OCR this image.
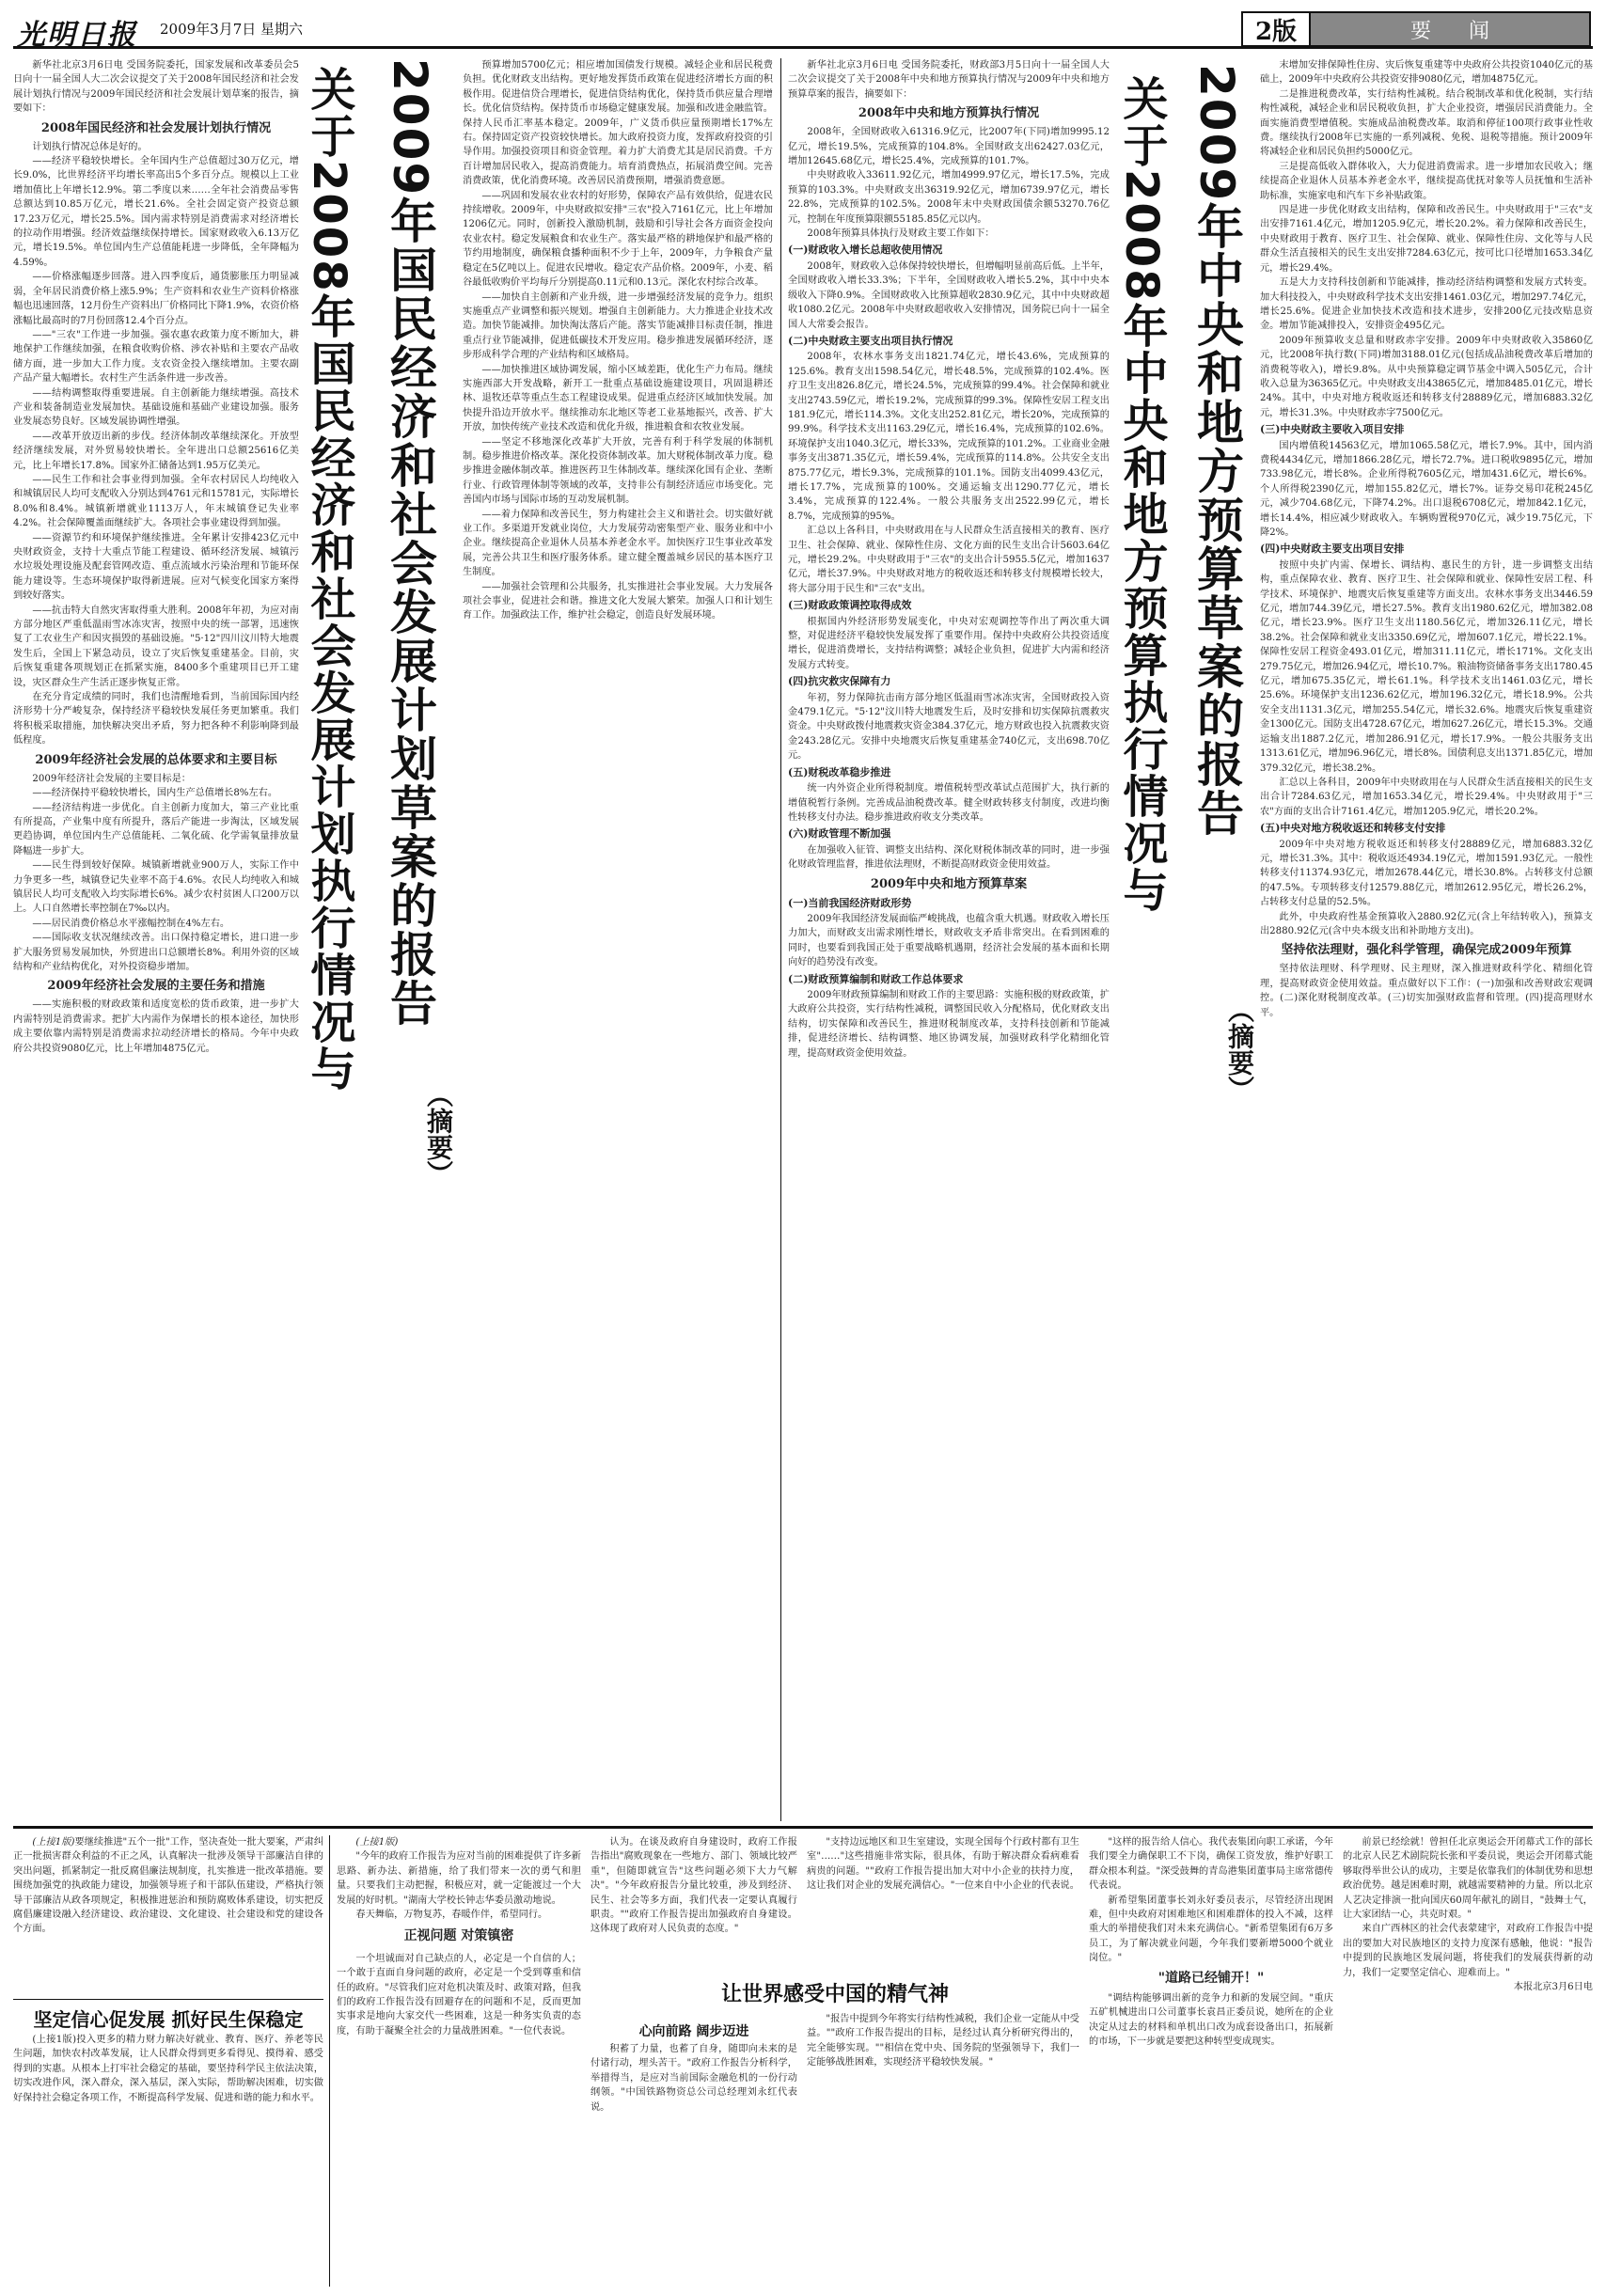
光明日报 2009年3月7日 星期六	2版	要闻

新华社北京3月6日电 受国务院委托，国家发展和改革委员会5日向十一届全国人大二次会议提交了关于2008年国民经济和社会发展计划执行情况与2009年国民经济和社会发展计划草案的报告，摘要如下：

2008年国民经济和社会发展计划执行情况

计划执行情况总体是好的。

——经济平稳较快增长。全年国内生产总值超过30万亿元，增长9.0%，比世界经济平均增长率高出5个多百分点。规模以上工业增加值比上年增长12.9%。第二季度以来……全年社会消费品零售总额达到10.85万亿元，增长21.6%。全社会固定资产投资总额17.23万亿元，增长25.5%。国内需求特别是消费需求对经济增长的拉动作用增强。经济效益继续保持增长。国家财政收入6.13万亿元，增长19.5%。单位国内生产总值能耗进一步降低，全年降幅为4.59%。

——价格涨幅逐步回落。进入四季度后，通货膨胀压力明显减弱，全年居民消费价格上涨5.9%；生产资料和农业生产资料价格涨幅也迅速回落，12月份生产资料出厂价格同比下降1.9%，农资价格涨幅比最高时的7月份回落12.4个百分点。

——"三农"工作进一步加强。强农惠农政策力度不断加大，耕地保护工作继续加强，在粮食收购价格、涉农补贴和主要农产品收储方面，进一步加大工作力度。支农资金投入继续增加。主要农副产品产量大幅增长。农村生产生活条件进一步改善。

——结构调整取得重要进展。自主创新能力继续增强。高技术产业和装备制造业发展加快。基础设施和基础产业建设加强。服务业发展态势良好。区域发展协调性增强。

——改革开放迈出新的步伐。经济体制改革继续深化。开放型经济继续发展，对外贸易较快增长。全年进出口总额25616亿美元，比上年增长17.8%。国家外汇储备达到1.95万亿美元。

——民生工作和社会事业得到加强。全年农村居民人均纯收入和城镇居民人均可支配收入分别达到4761元和15781元，实际增长8.0%和8.4%。城镇新增就业1113万人，年末城镇登记失业率4.2%。社会保障覆盖面继续扩大。各项社会事业建设得到加强。

——资源节约和环境保护继续推进。全年累计安排423亿元中央财政资金，支持十大重点节能工程建设、循环经济发展、城镇污水垃圾处理设施及配套管网改造、重点流域水污染治理和节能环保能力建设等。生态环境保护取得新进展。应对气候变化国家方案得到较好落实。

——抗击特大自然灾害取得重大胜利。2008年年初，为应对南方部分地区严重低温雨雪冰冻灾害，按照中央的统一部署，迅速恢复了工农业生产和因灾损毁的基础设施。"5·12"四川汶川特大地震发生后，全国上下紧急动员，设立了灾后恢复重建基金。目前，灾后恢复重建各项规划正在抓紧实施，8400多个重建项目已开工建设，灾区群众生产生活正逐步恢复正常。

在充分肯定成绩的同时，我们也清醒地看到，当前国际国内经济形势十分严峻复杂，保持经济平稳较快发展任务更加繁重。我们将积极采取措施，加快解决突出矛盾，努力把各种不利影响降到最低程度。

2009年经济社会发展的总体要求和主要目标

2009年经济社会发展的主要目标是：

——经济保持平稳较快增长，国内生产总值增长8%左右。

——经济结构进一步优化。自主创新力度加大，第三产业比重有所提高，产业集中度有所提升，落后产能进一步淘汰，区域发展更趋协调，单位国内生产总值能耗、二氧化硫、化学需氧量排放量降幅进一步扩大。

——民生得到较好保障。城镇新增就业900万人，实际工作中力争更多一些，城镇登记失业率不高于4.6%。农民人均纯收入和城镇居民人均可支配收入均实际增长6%。减少农村贫困人口200万以上。人口自然增长率控制在7‰以内。

——居民消费价格总水平涨幅控制在4%左右。

——国际收支状况继续改善。出口保持稳定增长，进口进一步扩大服务贸易发展加快，外贸进出口总额增长8%。利用外资的区域结构和产业结构优化，对外投资稳步增加。

2009年经济社会发展的主要任务和措施

——实施积极的财政政策和适度宽松的货币政策，进一步扩大内需特别是消费需求。把扩大内需作为保增长的根本途径，加快形成主要依靠内需特别是消费需求拉动经济增长的格局。今年中央政府公共投资9080亿元，比上年增加4875亿元。	关于2008年国民经济和社会发展计划执行情况与 2009年国民经济和社会发展计划草案的报告
（摘要）

预算增加5700亿元；相应增加国债发行规模。减轻企业和居民税费负担。优化财政支出结构。更好地发挥货币政策在促进经济增长方面的积极作用。促进信贷合理增长，促进信贷结构优化，保持货币供应量合理增长。优化信贷结构。保持货币市场稳定健康发展。加强和改进金融监管。保持人民币汇率基本稳定。2009年，广义货币供应量预期增长17%左右。保持固定资产投资较快增长。加大政府投资力度，发挥政府投资的引导作用。加强投资项目和资金管理。着力扩大消费尤其是居民消费。千方百计增加居民收入，提高消费能力。培育消费热点，拓展消费空间。完善消费政策，优化消费环境。改善居民消费预期，增强消费意愿。

——巩固和发展农业农村的好形势，保障农产品有效供给，促进农民持续增收。2009年，中央财政拟安排"三农"投入7161亿元，比上年增加1206亿元。同时，创新投入激励机制，鼓励和引导社会各方面资金投向农业农村。稳定发展粮食和农业生产。落实最严格的耕地保护和最严格的节约用地制度，确保粮食播种面积不少于上年，2009年，力争粮食产量稳定在5亿吨以上。促进农民增收。稳定农产品价格。2009年，小麦、稻谷最低收购价平均每斤分别提高0.11元和0.13元。深化农村综合改革。

——加快自主创新和产业升级，进一步增强经济发展的竞争力。组织实施重点产业调整和振兴规划。增强自主创新能力。大力推进企业技术改造。加快节能减排。加快淘汰落后产能。落实节能减排目标责任制，推进重点行业节能减排，促进低碳技术开发应用。稳步推进发展循环经济，逐步形成科学合理的产业结构和区域格局。

——加快推进区域协调发展，缩小区域差距，优化生产力布局。继续实施西部大开发战略，新开工一批重点基础设施建设项目，巩固退耕还林、退牧还草等重点生态工程建设成果。促进重点经济区域加快发展。加快提升沿边开放水平。继续推动东北地区等老工业基地振兴，改善、扩大开放，加快传统产业技术改造和优化升级，推进粮食和农牧业发展。

——坚定不移地深化改革扩大开放，完善有利于科学发展的体制机制。稳步推进价格改革。深化投资体制改革。加大财税体制改革力度。稳步推进金融体制改革。推进医药卫生体制改革。继续深化国有企业、垄断行业、行政管理体制等领域的改革，支持非公有制经济适应市场变化。完善国内市场与国际市场的互动发展机制。

——着力保障和改善民生，努力构建社会主义和谐社会。切实做好就业工作。多渠道开发就业岗位，大力发展劳动密集型产业、服务业和中小企业。继续提高企业退休人员基本养老金水平。加快医疗卫生事业改革发展，完善公共卫生和医疗服务体系。建立健全覆盖城乡居民的基本医疗卫生制度。

——加强社会管理和公共服务，扎实推进社会事业发展。大力发展各项社会事业，促进社会和谐。推进文化大发展大繁荣。加强人口和计划生育工作。加强政法工作，维护社会稳定，创造良好发展环境。

新华社北京3月6日电 受国务院委托，财政部3月5日向十一届全国人大二次会议提交了关于2008年中央和地方预算执行情况与2009年中央和地方预算草案的报告，摘要如下：

2008年中央和地方预算执行情况

2008年，全国财政收入61316.9亿元，比2007年(下同)增加9995.12亿元，增长19.5%，完成预算的104.8%。全国财政支出62427.03亿元，增加12645.68亿元，增长25.4%，完成预算的101.7%。

中央财政收入33611.92亿元，增加4999.97亿元，增长17.5%，完成预算的103.3%。中央财政支出36319.92亿元，增加6739.97亿元，增长22.8%，完成预算的102.5%。2008年末中央财政国债余额53270.76亿元，控制在年度预算限额55185.85亿元以内。

2008年预算具体执行及财政主要工作如下：

(一)财政收入增长总超收使用情况

2008年，财政收入总体保持较快增长，但增幅明显前高后低。上半年，全国财政收入增长33.3%；下半年，全国财政收入增长5.2%，其中中央本级收入下降0.9%。全国财政收入比预算超收2830.9亿元，其中中央财政超收1080.2亿元。2008年中央财政超收收入安排情况，国务院已向十一届全国人大常委会报告。

(二)中央财政主要支出项目执行情况

2008年，农林水事务支出1821.74亿元，增长43.6%，完成预算的125.6%。教育支出1598.54亿元，增长48.5%，完成预算的102.4%。医疗卫生支出826.8亿元，增长24.5%，完成预算的99.4%。社会保障和就业支出2743.59亿元，增长19.2%，完成预算的99.3%。保障性安居工程支出181.9亿元，增长114.3%。文化支出252.81亿元，增长20%，完成预算的99.9%。科学技术支出1163.29亿元，增长16.4%，完成预算的102.6%。环境保护支出1040.3亿元，增长33%，完成预算的101.2%。工业商业金融事务支出3871.35亿元，增长59.4%，完成预算的114.8%。公共安全支出875.77亿元，增长9.3%，完成预算的101.1%。国防支出4099.43亿元，增长17.7%，完成预算的100%。交通运输支出1290.77亿元，增长3.4%，完成预算的122.4%。一般公共服务支出2522.99亿元，增长8.7%，完成预算的95%。

汇总以上各科目，中央财政用在与人民群众生活直接相关的教育、医疗卫生、社会保障、就业、保障性住房、文化方面的民生支出合计5603.64亿元，增长29.2%。中央财政用于"三农"的支出合计5955.5亿元，增加1637亿元，增长37.9%。中央财政对地方的税收返还和转移支付规模增长较大，将大部分用于民生和"三农"支出。

(三)财政政策调控取得成效

根据国内外经济形势发展变化，中央对宏观调控等作出了两次重大调整，对促进经济平稳较快发展发挥了重要作用。保持中央政府公共投资适度增长，促进消费增长，支持结构调整；减轻企业负担，促进扩大内需和经济发展方式转变。

(四)抗灾救灾保障有力

年初，努力保障抗击南方部分地区低温雨雪冰冻灾害，全国财政投入资金479.1亿元。"5·12"汶川特大地震发生后，及时安排和切实保障抗震救灾资金。中央财政拨付地震救灾资金384.37亿元，地方财政也投入抗震救灾资金243.28亿元。安排中央地震灾后恢复重建基金740亿元，支出698.70亿元。

(五)财税改革稳步推进

统一内外资企业所得税制度。增值税转型改革试点范围扩大，执行新的增值税暂行条例。完善成品油税费改革。健全财政转移支付制度，改进均衡性转移支付办法。稳步推进政府收支分类改革。

(六)财政管理不断加强

在加强收入征管、调整支出结构、深化财税体制改革的同时，进一步强化财政管理监督，推进依法理财，不断提高财政资金使用效益。

2009年中央和地方预算草案
(一)当前我国经济财政形势

2009年我国经济发展面临严峻挑战，也蕴含重大机遇。财政收入增长压力加大，而财政支出需求刚性增长，财政收支矛盾非常突出。在看到困难的同时，也要看到我国正处于重要战略机遇期，经济社会发展的基本面和长期向好的趋势没有改变。

(二)财政预算编制和财政工作总体要求

2009年财政预算编制和财政工作的主要思路：实施积极的财政政策，扩大政府公共投资，实行结构性减税，调整国民收入分配格局，优化财政支出结构，切实保障和改善民生，推进财税制度改革，支持科技创新和节能减排，促进经济增长、结构调整、地区协调发展，加强财政科学化精细化管理，提高财政资金使用效益。

关于2008年中央和地方预算执行情况与 2009年中央和地方预算草案的报告
（摘要）

末增加安排保障性住房、灾后恢复重建等中央政府公共投资1040亿元的基础上，2009年中央政府公共投资安排9080亿元，增加4875亿元。

二是推进税费改革，实行结构性减税。结合税制改革和优化税制，实行结构性减税，减轻企业和居民税收负担，扩大企业投资，增强居民消费能力。全面实施消费型增值税。实施成品油税费改革。取消和停征100项行政事业性收费。继续执行2008年已实施的一系列减税、免税、退税等措施。预计2009年将减轻企业和居民负担约5000亿元。

三是提高低收入群体收入，大力促进消费需求。进一步增加农民收入；继续提高企业退休人员基本养老金水平，继续提高优抚对象等人员抚恤和生活补助标准，实施家电和汽车下乡补贴政策。

四是进一步优化财政支出结构，保障和改善民生。中央财政用于"三农"支出安排7161.4亿元，增加1205.9亿元，增长20.2%。着力保障和改善民生，中央财政用于教育、医疗卫生、社会保障、就业、保障性住房、文化等与人民群众生活直接相关的民生支出安排7284.63亿元，按可比口径增加1653.34亿元，增长29.4%。

五是大力支持科技创新和节能减排，推动经济结构调整和发展方式转变。加大科技投入，中央财政科学技术支出安排1461.03亿元，增加297.74亿元，增长25.6%。促进企业加快技术改造和技术进步，安排200亿元技改贴息资金。增加节能减排投入，安排资金495亿元。

2009年预算收支总量和财政赤字安排。2009年中央财政收入35860亿元，比2008年执行数(下同)增加3188.01亿元(包括成品油税费改革后增加的消费税等收入)，增长9.8%。从中央预算稳定调节基金中调入505亿元，合计收入总量为36365亿元。中央财政支出43865亿元，增加8485.01亿元，增长24%。其中，中央对地方税收返还和转移支付28889亿元，增加6883.32亿元，增长31.3%。中央财政赤字7500亿元。

(三)中央财政主要收入项目安排

国内增值税14563亿元，增加1065.58亿元，增长7.9%。其中，国内消费税4434亿元，增加1866.28亿元，增长72.7%。进口税收9895亿元，增加733.98亿元，增长8%。企业所得税7605亿元，增加431.6亿元，增长6%。个人所得税2390亿元，增加155.82亿元，增长7%。证券交易印花税245亿元，减少704.68亿元，下降74.2%。出口退税6708亿元，增加842.1亿元，增长14.4%，相应减少财政收入。车辆购置税970亿元，减少19.75亿元，下降2%。

(四)中央财政主要支出项目安排

按照中央扩内需、保增长、调结构、惠民生的方针，进一步调整支出结构，重点保障农业、教育、医疗卫生、社会保障和就业、保障性安居工程、科学技术、环境保护、地震灾后恢复重建等方面支出。农林水事务支出3446.59亿元，增加744.39亿元，增长27.5%。教育支出1980.62亿元，增加382.08亿元，增长23.9%。医疗卫生支出1180.56亿元，增加326.11亿元，增长38.2%。社会保障和就业支出3350.69亿元，增加607.1亿元，增长22.1%。保障性安居工程资金493.01亿元，增加311.11亿元，增长171%。文化支出279.75亿元，增加26.94亿元，增长10.7%。粮油物资储备事务支出1780.45亿元，增加675.35亿元，增长61.1%。科学技术支出1461.03亿元，增长25.6%。环境保护支出1236.62亿元，增加196.32亿元，增长18.9%。公共安全支出1131.3亿元，增加255.54亿元，增长32.6%。地震灾后恢复重建资金1300亿元。国防支出4728.67亿元，增加627.26亿元，增长15.3%。交通运输支出1887.2亿元，增加286.91亿元，增长17.9%。一般公共服务支出1313.61亿元，增加96.96亿元，增长8%。国债利息支出1371.85亿元，增加379.32亿元，增长38.2%。

汇总以上各科目，2009年中央财政用在与人民群众生活直接相关的民生支出合计7284.63亿元，增加1653.34亿元，增长29.4%。中央财政用于"三农"方面的支出合计7161.4亿元，增加1205.9亿元，增长20.2%。

(五)中央对地方税收返还和转移支付安排

2009年中央对地方税收返还和转移支付28889亿元，增加6883.32亿元，增长31.3%。其中：税收返还4934.19亿元，增加1591.93亿元。一般性转移支付11374.93亿元，增加2678.44亿元，增长30.8%。占转移支付总额的47.5%。专项转移支付12579.88亿元，增加2612.95亿元，增长26.2%，占转移支付总量的52.5%。

此外，中央政府性基金预算收入2880.92亿元(含上年结转收入)，预算支出2880.92亿元(含中央本级支出和补助地方支出)。

坚持依法理财，强化科学管理，确保完成2009年预算

坚持依法理财、科学理财、民主理财，深入推进财政科学化、精细化管理，提高财政资金使用效益。重点做好以下工作：(一)加强和改善财政宏观调控。(二)深化财税制度改革。(三)切实加强财政监督和管理。(四)提高理财水平。

(上接1版)要继续推进"五个一批"工作，坚决查处一批大要案，严肃纠正一批损害群众利益的不正之风，认真解决一批涉及领导干部廉洁自律的突出问题，抓紧制定一批反腐倡廉法规制度，扎实推进一批改革措施。要围绕加强党的执政能力建设，加强领导班子和干部队伍建设，严格执行领导干部廉洁从政各项规定，积极推进惩治和预防腐败体系建设，切实把反腐倡廉建设融入经济建设、政治建设、文化建设、社会建设和党的建设各个方面。

坚定信心促发展 抓好民生保稳定

(上接1版)投入更多的精力财力解决好就业、教育、医疗、养老等民生问题，加快农村改革发展，让人民群众得到更多看得见、摸得着、感受得到的实惠。从根本上打牢社会稳定的基础，要坚持科学民主依法决策，切实改进作风，深入群众，深入基层，深入实际，帮助解决困难，切实做好保持社会稳定各项工作，不断提高科学发展、促进和谐的能力和水平。

(上接1版)

"今年的政府工作报告为应对当前的困难提供了许多新思路、新办法、新措施，给了我们带来一次的勇气和胆量。只要我们主动把握，积极应对，就一定能渡过一个大发展的好时机。"湖南大学校长钟志华委员激动地说。

春天舞临，万物复苏，春暖作伴，希望同行。

正视问题 对策镇密

一个坦诚面对自己缺点的人，必定是一个自信的人；一个敢于直面自身问题的政府，必定是一个受到尊重和信任的政府。"尽管我们应对危机决策及时、政策对路，但我们的政府工作报告没有回避存在的问题和不足，反而更加实事求是地向大家交代一些困难，这是一种务实负责的态度，有助于凝聚全社会的力量战胜困难。"一位代表说。

认为。在谈及政府自身建设时，政府工作报告指出"腐败现象在一些地方、部门、领域比较严重"，但随即就宣告"这些问题必须下大力气解决"。"今年政府报告分量比较重，涉及到经济、民生、社会等多方面，我们代表一定要认真履行职责。""政府工作报告提出加强政府自身建设。这体现了政府对人民负责的态度。"

让世界感受中国的精气神

"支持边远地区和卫生室建设，实现全国每个行政村都有卫生室"……"这些措施非常实际，很具体，有助于解决群众看病难看病贵的问题。""政府工作报告提出加大对中小企业的扶持力度，这让我们对企业的发展充满信心。"一位来自中小企业的代表说。

心向前路 阔步迈进

积蓄了力量，也蓄了自身，随即向未来的是付诸行动，埋头苦干。"政府工作报告分析科学，举措得当，是应对当前国际金融危机的一份行动纲领。"中国铁路物资总公司总经理刘永红代表说。

"报告中提到今年将实行结构性减税，我们企业一定能从中受益。""政府工作报告提出的目标，是经过认真分析研究得出的，完全能够实现。""相信在党中央、国务院的坚强领导下，我们一定能够战胜困难，实现经济平稳较快发展。"

"这样的报告给人信心。我代表集团向职工承诺，今年我们要全力确保职工不下岗，确保工资发放，维护好职工群众根本利益。"深受鼓舞的青岛港集团董事局主席常德传代表说。

新希望集团董事长刘永好委员表示，尽管经济出现困难，但中央政府对困难地区和困难群体的投入不减，这样重大的举措使我们对未来充满信心。"新希望集团有6万多员工，为了解决就业问题，今年我们要新增5000个就业岗位。"

"道路已经铺开！"

"调结构能够调出新的竞争力和新的发展空间。"重庆五矿机械进出口公司董事长袁昌正委员说，她所在的企业决定从过去的材料和单机出口改为成套设备出口，拓展新的市场，下一步就是要把这种转型变成现实。

前景已经绘就！曾担任北京奥运会开闭幕式工作的部长的北京人民艺术剧院院长张和平委员说，奥运会开闭幕式能够取得举世公认的成功，主要是依靠我们的体制优势和思想政治优势。越是困难时期，就越需要精神的力量。所以北京人艺决定排演一批向国庆60周年献礼的剧目，"鼓舞士气，让大家团结一心，共克时艰。"

来自广西林区的社会代表蒙建宇，对政府工作报告中提出的要加大对民族地区的支持力度深有感触，他说："报告中提到的民族地区发展问题，将使我们的发展获得新的动力，我们一定要坚定信心、迎难而上。"

本报北京3月6日电
